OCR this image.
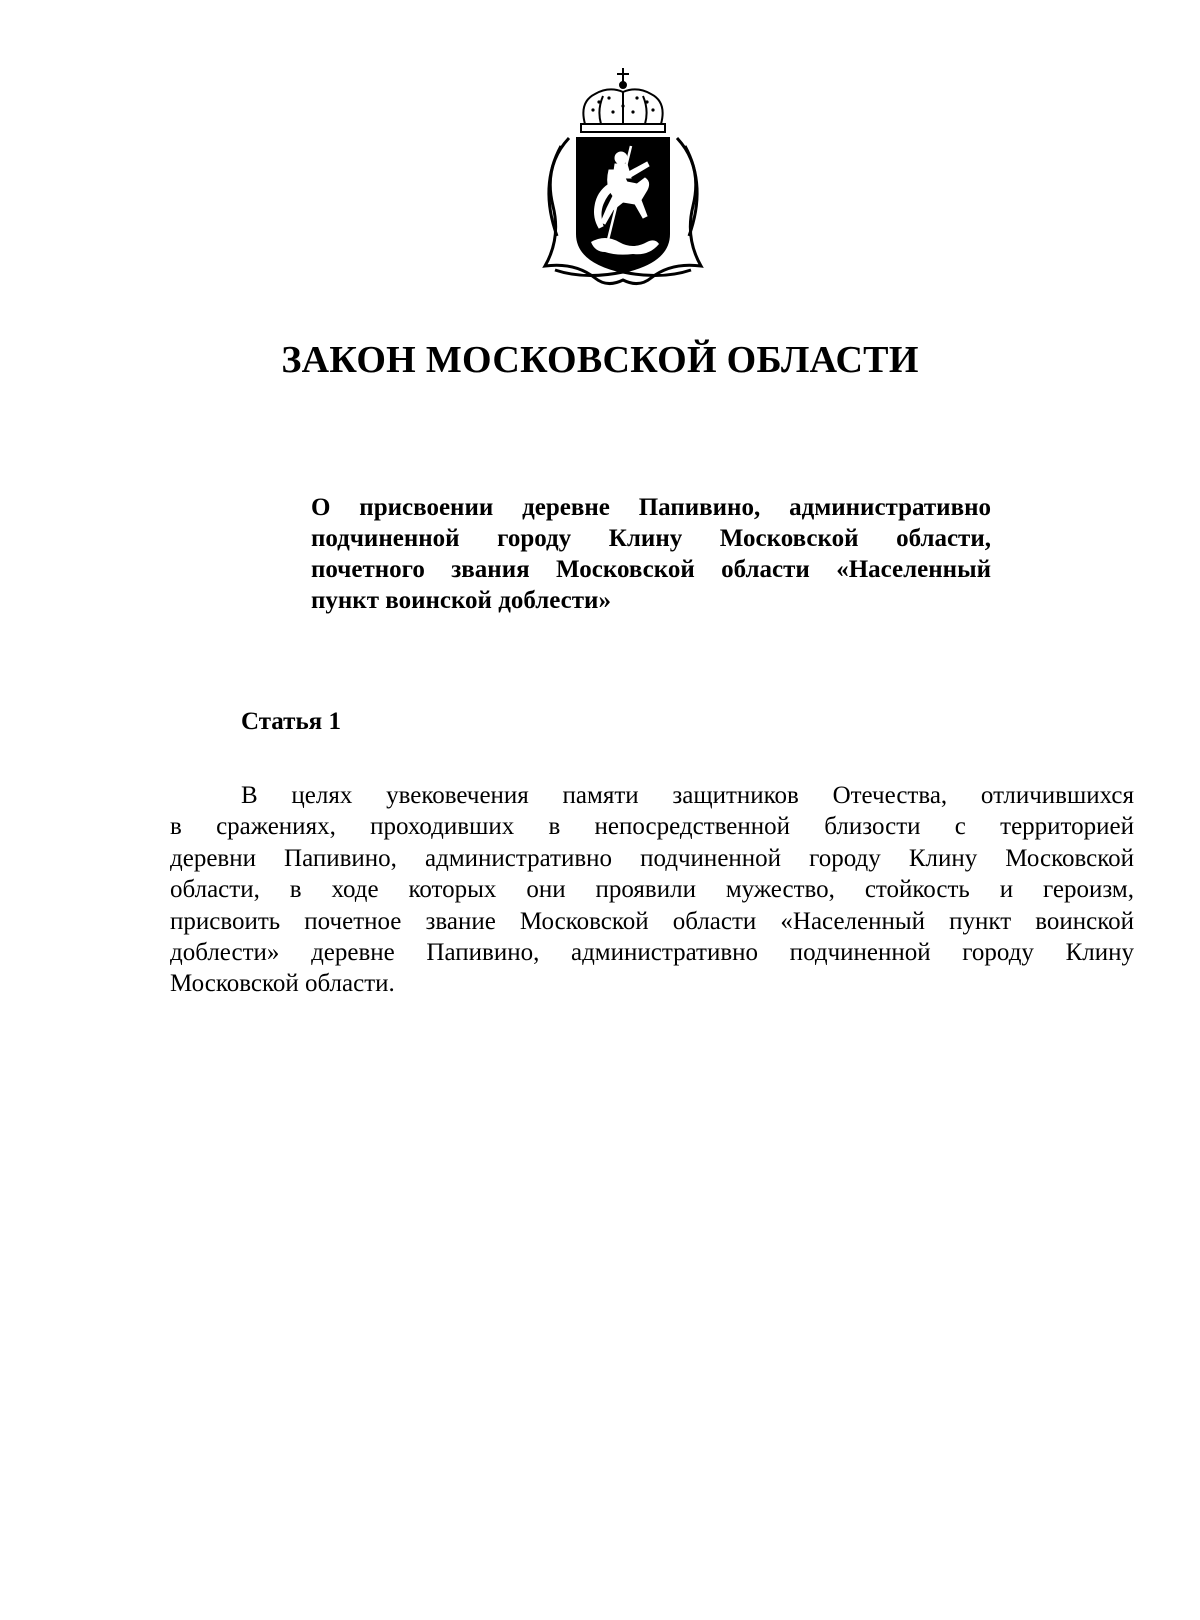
ЗАКОН МОСКОВСКОЙ ОБЛАСТИ
О присвоении деревне Папивино, административно
подчиненной городу Клину Московской области,
почетного звания Московской области «Населенный
пункт воинской доблести»
Статья 1
В целях увековечения памяти защитников Отечества, отличившихся
в сражениях, проходивших в непосредственной близости с территорией
деревни Папивино, административно подчиненной городу Клину Московской
области, в ходе которых они проявили мужество, стойкость и героизм,
присвоить почетное звание Московской области «Населенный пункт воинской
доблести» деревне Папивино, административно подчиненной городу Клину
Московской области.
